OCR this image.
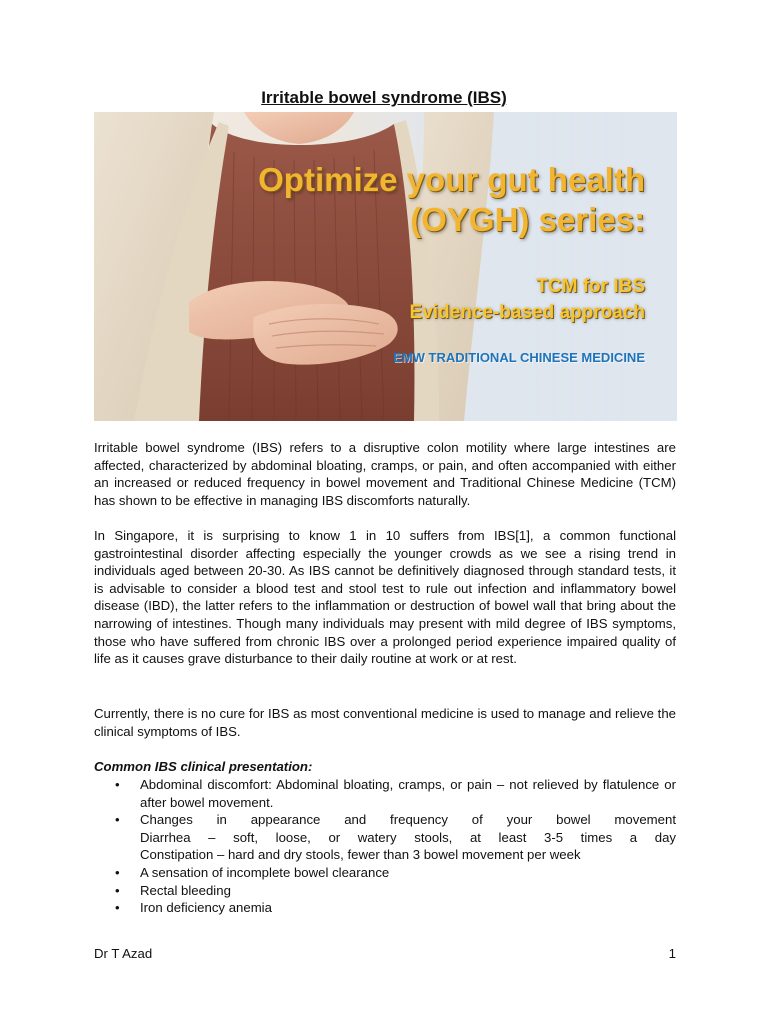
Irritable bowel syndrome (IBS)
Optimize your gut health (OYGH) series:
TCM for IBS
Evidence-based approach
EMW TRADITIONAL CHINESE MEDICINE
Irritable bowel syndrome (IBS) refers to a disruptive colon motility where large intestines are affected, characterized by abdominal bloating, cramps, or pain, and often accompanied with either an increased or reduced frequency in bowel movement and Traditional Chinese Medicine (TCM) has shown to be effective in managing IBS discomforts naturally.
In Singapore, it is surprising to know 1 in 10 suffers from IBS[1], a common functional gastrointestinal disorder affecting especially the younger crowds as we see a rising trend in individuals aged between 20-30. As IBS cannot be definitively diagnosed through standard tests, it is advisable to consider a blood test and stool test to rule out infection and inflammatory bowel disease (IBD), the latter refers to the inflammation or destruction of bowel wall that bring about the narrowing of intestines. Though many individuals may present with mild degree of IBS symptoms, those who have suffered from chronic IBS over a prolonged period experience impaired quality of life as it causes grave disturbance to their daily routine at work or at rest.
Currently, there is no cure for IBS as most conventional medicine is used to manage and relieve the clinical symptoms of IBS.
Common IBS clinical presentation:
• Abdominal discomfort: Abdominal bloating, cramps, or pain – not relieved by flatulence or after bowel movement.
• Changes in appearance and frequency of your bowel movement
Diarrhea – soft, loose, or watery stools, at least 3-5 times a day
Constipation – hard and dry stools, fewer than 3 bowel movement per week
• A sensation of incomplete bowel clearance
• Rectal bleeding
• Iron deficiency anemia
Dr T Azad	1
